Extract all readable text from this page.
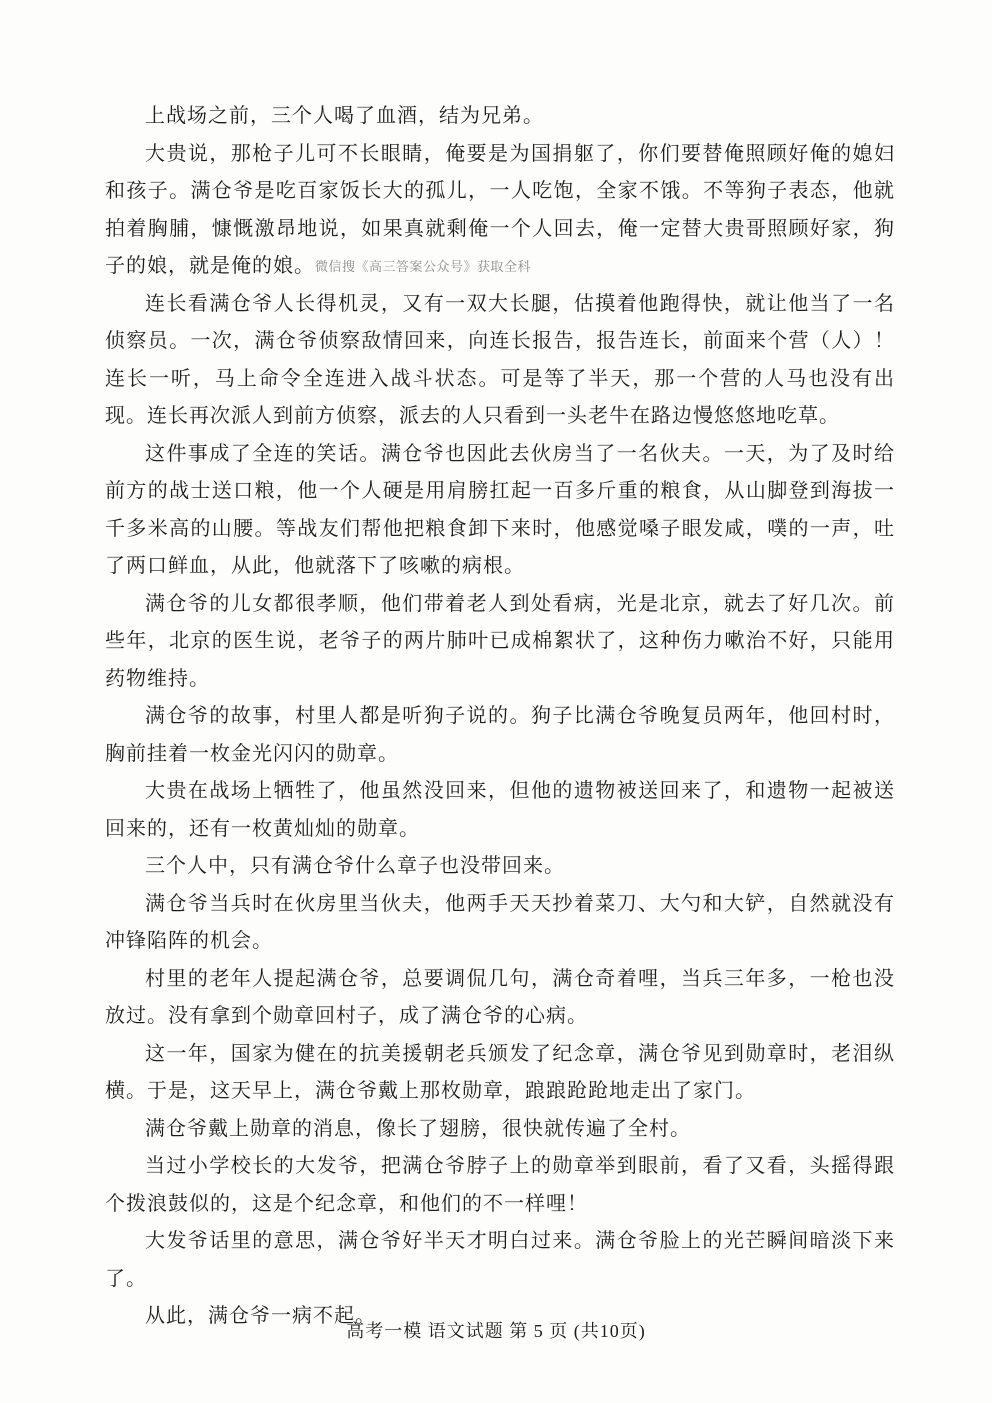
上战场之前，三个人喝了血酒，结为兄弟。

大贵说，那枪子儿可不长眼睛，俺要是为国捐躯了，你们要替俺照顾好俺的媳妇和孩子。满仓爷是吃百家饭长大的孤儿，一人吃饱，全家不饿。不等狗子表态，他就拍着胸脯，慷慨激昂地说，如果真就剩俺一个人回去，俺一定替大贵哥照顾好家，狗子的娘，就是俺的娘。微信搜《高三答案公众号》获取全科

连长看满仓爷人长得机灵，又有一双大长腿，估摸着他跑得快，就让他当了一名侦察员。一次，满仓爷侦察敌情回来，向连长报告，报告连长，前面来个营（人）！连长一听，马上命令全连进入战斗状态。可是等了半天，那一个营的人马也没有出现。连长再次派人到前方侦察，派去的人只看到一头老牛在路边慢悠悠地吃草。

这件事成了全连的笑话。满仓爷也因此去伙房当了一名伙夫。一天，为了及时给前方的战士送口粮，他一个人硬是用肩膀扛起一百多斤重的粮食，从山脚登到海拔一千多米高的山腰。等战友们帮他把粮食卸下来时，他感觉嗓子眼发咸，噗的一声，吐了两口鲜血，从此，他就落下了咳嗽的病根。

满仓爷的儿女都很孝顺，他们带着老人到处看病，光是北京，就去了好几次。前些年，北京的医生说，老爷子的两片肺叶已成棉絮状了，这种伤力嗽治不好，只能用药物维持。

满仓爷的故事，村里人都是听狗子说的。狗子比满仓爷晚复员两年，他回村时，胸前挂着一枚金光闪闪的勋章。

大贵在战场上牺牲了，他虽然没回来，但他的遗物被送回来了，和遗物一起被送回来的，还有一枚黄灿灿的勋章。

三个人中，只有满仓爷什么章子也没带回来。

满仓爷当兵时在伙房里当伙夫，他两手天天抄着菜刀、大勺和大铲，自然就没有冲锋陷阵的机会。

村里的老年人提起满仓爷，总要调侃几句，满仓奇着哩，当兵三年多，一枪也没放过。没有拿到个勋章回村子，成了满仓爷的心病。

这一年，国家为健在的抗美援朝老兵颁发了纪念章，满仓爷见到勋章时，老泪纵横。于是，这天早上，满仓爷戴上那枚勋章，踉踉跄跄地走出了家门。

满仓爷戴上勋章的消息，像长了翅膀，很快就传遍了全村。

当过小学校长的大发爷，把满仓爷脖子上的勋章举到眼前，看了又看，头摇得跟个拨浪鼓似的，这是个纪念章，和他们的不一样哩！

大发爷话里的意思，满仓爷好半天才明白过来。满仓爷脸上的光芒瞬间暗淡下来了。

从此，满仓爷一病不起。

高考一模 语文试题 第 5 页 (共10页)
